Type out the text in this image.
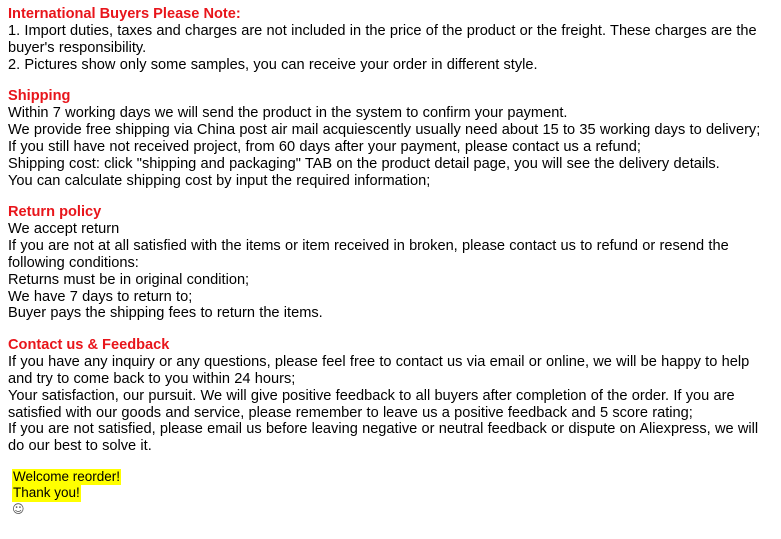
International Buyers Please Note:

1. Import duties, taxes and charges are not included in the price of the product or the freight. These charges are the buyer's responsibility.

2. Pictures show only some samples, you can receive your order in different style.

Shipping

Within 7 working days we will send the product in the system to confirm your payment.

We provide free shipping via China post air mail acquiescently usually need about 15 to 35 working days to delivery;

If you still have not received project, from 60 days after your payment, please contact us a refund;

Shipping cost: click "shipping and packaging" TAB on the product detail page, you will see the delivery details.

You can calculate shipping cost by input the required information;

Return policy

We accept return

If you are not at all satisfied with the items or item received in broken, please contact us to refund or resend the following conditions:

Returns must be in original condition;

We have 7 days to return to;

Buyer pays the shipping fees to return the items.

Contact us & Feedback

If you have any inquiry or any questions, please feel free to contact us via email or online, we will be happy to help and try to come back to you within 24 hours;

Your satisfaction, our pursuit. We will give positive feedback to all buyers after completion of the order. If you are satisfied with our goods and service, please remember to leave us a positive feedback and 5 score rating;

If you are not satisfied, please email us before leaving negative or neutral feedback or dispute on Aliexpress, we will do our best to solve it.

Welcome reorder!
Thank you!
☺
